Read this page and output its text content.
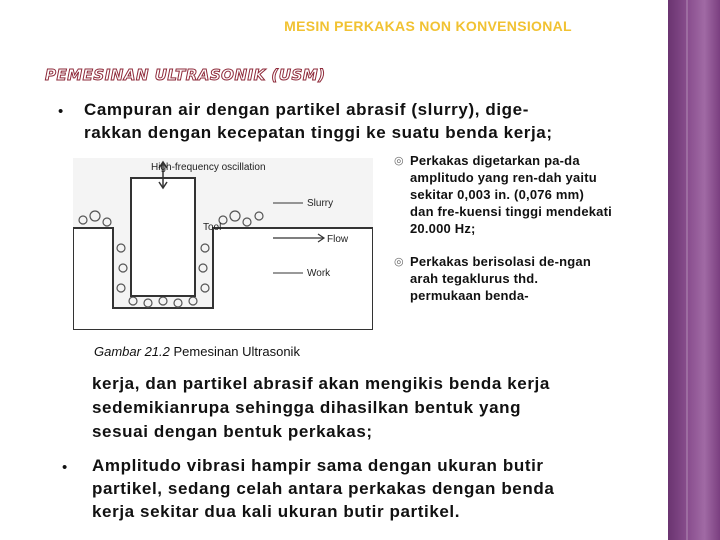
MESIN PERKAKAS NON KONVENSIONAL
PEMESINAN ULTRASONIK (USM)
• Campuran air dengan partikel abrasif (slurry), dige-
rakkan dengan kecepatan tinggi ke suatu benda kerja;
High-frequency oscillation
Slurry
Tool
Flow
Work
◎ Perkakas digetarkan pa-da
amplitudo yang ren-dah yaitu
sekitar 0,003 in. (0,076 mm)
dan fre-kuensi tinggi mendekati
20.000 Hz;
◎ Perkakas berisolasi de-ngan
arah tegaklurus thd.
permukaan benda-
Gambar 21.2 Pemesinan Ultrasonik
kerja, dan partikel abrasif akan mengikis benda kerja
sedemikianrupa sehingga dihasilkan bentuk yang
sesuai dengan bentuk perkakas;
• Amplitudo vibrasi hampir sama dengan ukuran butir
partikel, sedang celah antara perkakas dengan benda
kerja sekitar dua kali ukuran butir partikel.
